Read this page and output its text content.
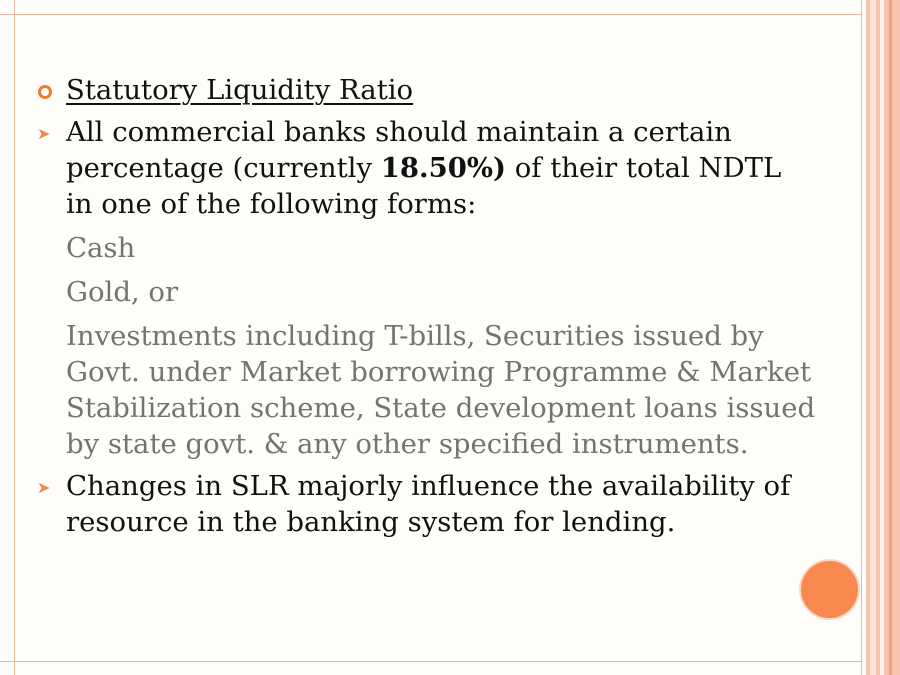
Statutory Liquidity Ratio
➤ All commercial banks should maintain a certain
percentage (currently 18.50%) of their total NDTL
in one of the following forms:
Cash
Gold, or
Investments including T-bills, Securities issued by Govt. under Market borrowing Programme & Market Stabilization scheme, State development loans issued by state govt. & any other specified instruments.
➤ Changes in SLR majorly influence the availability of
resource in the banking system for lending.
